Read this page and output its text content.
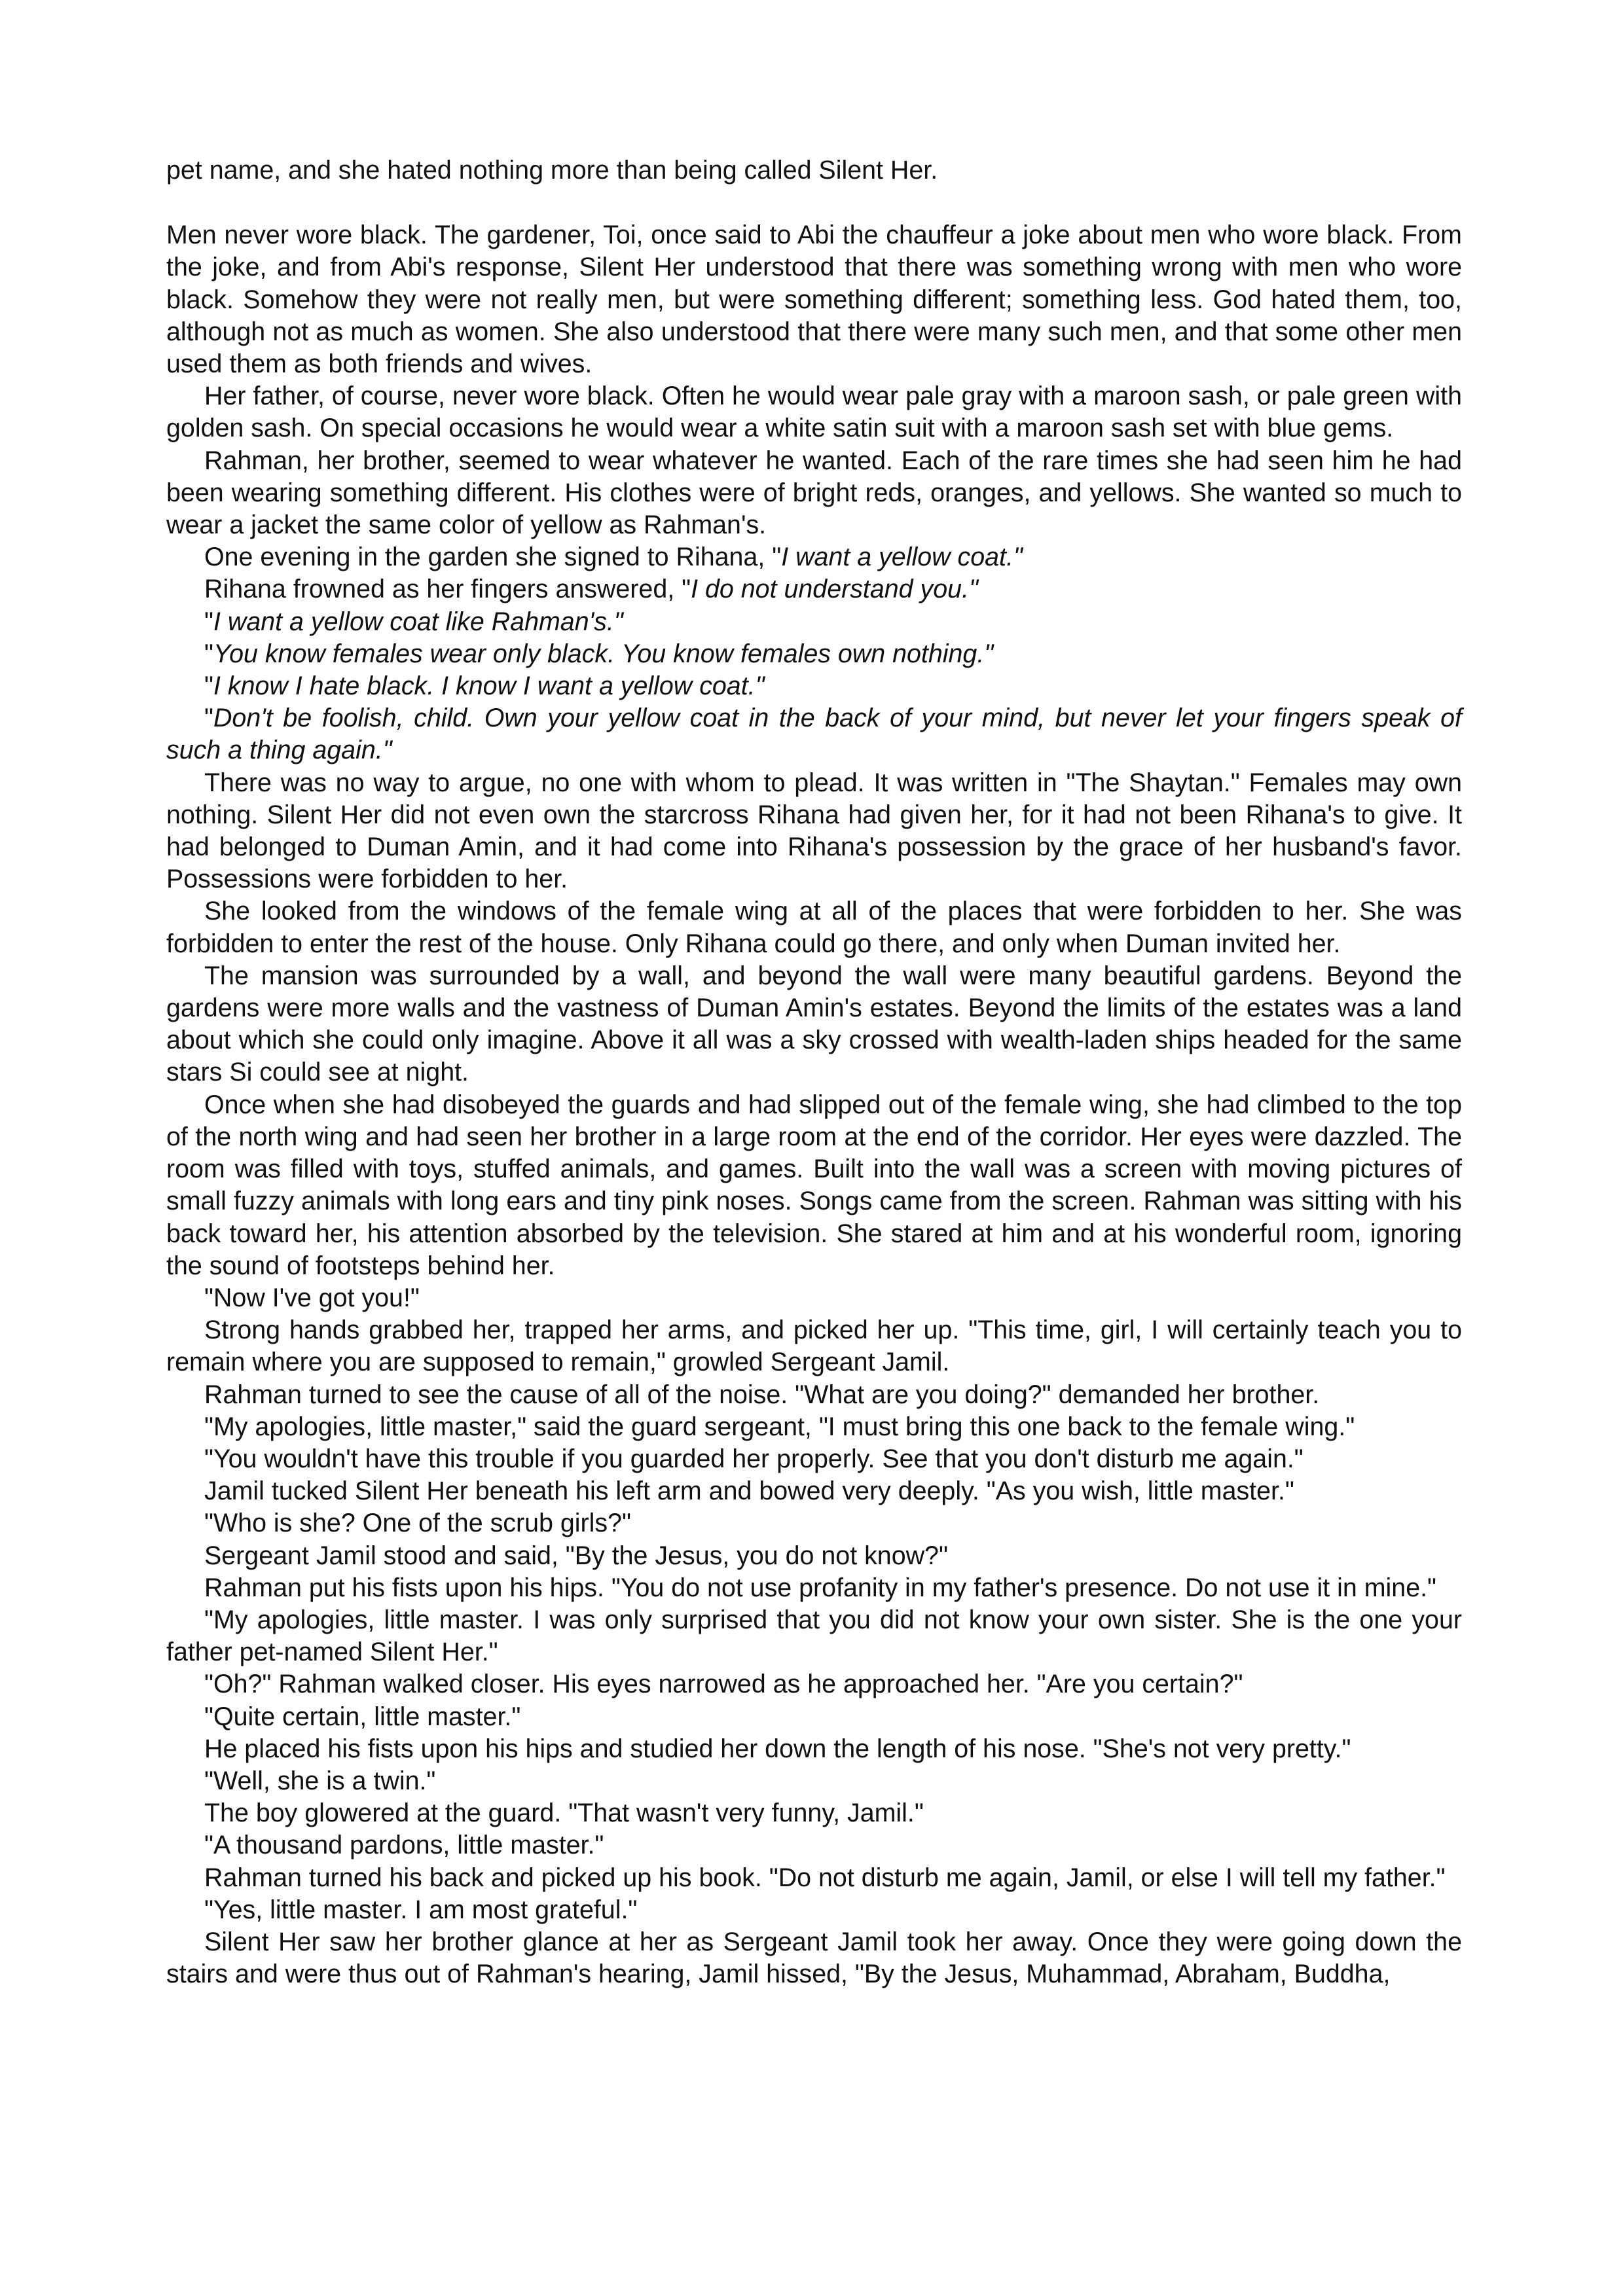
pet name, and she hated nothing more than being called Silent Her.

Men never wore black. The gardener, Toi, once said to Abi the chauffeur a joke about men who wore black. From the joke, and from Abi's response, Silent Her understood that there was something wrong with men who wore black. Somehow they were not really men, but were something different; something less. God hated them, too, although not as much as women. She also understood that there were many such men, and that some other men used them as both friends and wives.

Her father, of course, never wore black. Often he would wear pale gray with a maroon sash, or pale green with golden sash. On special occasions he would wear a white satin suit with a maroon sash set with blue gems.

Rahman, her brother, seemed to wear whatever he wanted. Each of the rare times she had seen him he had been wearing something different. His clothes were of bright reds, oranges, and yellows. She wanted so much to wear a jacket the same color of yellow as Rahman's.

One evening in the garden she signed to Rihana, "I want a yellow coat."

Rihana frowned as her fingers answered, "I do not understand you."

"I want a yellow coat like Rahman's."

"You know females wear only black. You know females own nothing."

"I know I hate black. I know I want a yellow coat."

"Don't be foolish, child. Own your yellow coat in the back of your mind, but never let your fingers speak of such a thing again."

There was no way to argue, no one with whom to plead. It was written in "The Shaytan." Females may own nothing. Silent Her did not even own the starcross Rihana had given her, for it had not been Rihana's to give. It had belonged to Duman Amin, and it had come into Rihana's possession by the grace of her husband's favor. Possessions were forbidden to her.

She looked from the windows of the female wing at all of the places that were forbidden to her. She was forbidden to enter the rest of the house. Only Rihana could go there, and only when Duman invited her.

The mansion was surrounded by a wall, and beyond the wall were many beautiful gardens. Beyond the gardens were more walls and the vastness of Duman Amin's estates. Beyond the limits of the estates was a land about which she could only imagine. Above it all was a sky crossed with wealth-laden ships headed for the same stars Si could see at night.

Once when she had disobeyed the guards and had slipped out of the female wing, she had climbed to the top of the north wing and had seen her brother in a large room at the end of the corridor. Her eyes were dazzled. The room was filled with toys, stuffed animals, and games. Built into the wall was a screen with moving pictures of small fuzzy animals with long ears and tiny pink noses. Songs came from the screen. Rahman was sitting with his back toward her, his attention absorbed by the television. She stared at him and at his wonderful room, ignoring the sound of footsteps behind her.

"Now I've got you!"

Strong hands grabbed her, trapped her arms, and picked her up. "This time, girl, I will certainly teach you to remain where you are supposed to remain," growled Sergeant Jamil.

Rahman turned to see the cause of all of the noise. "What are you doing?" demanded her brother.

"My apologies, little master," said the guard sergeant, "I must bring this one back to the female wing."

"You wouldn't have this trouble if you guarded her properly. See that you don't disturb me again."

Jamil tucked Silent Her beneath his left arm and bowed very deeply. "As you wish, little master."

"Who is she? One of the scrub girls?"

Sergeant Jamil stood and said, "By the Jesus, you do not know?"

Rahman put his fists upon his hips. "You do not use profanity in my father's presence. Do not use it in mine."

"My apologies, little master. I was only surprised that you did not know your own sister. She is the one your father pet-named Silent Her."

"Oh?" Rahman walked closer. His eyes narrowed as he approached her. "Are you certain?"

"Quite certain, little master."

He placed his fists upon his hips and studied her down the length of his nose. "She's not very pretty."

"Well, she is a twin."

The boy glowered at the guard. "That wasn't very funny, Jamil."

"A thousand pardons, little master."

Rahman turned his back and picked up his book. "Do not disturb me again, Jamil, or else I will tell my father."

"Yes, little master. I am most grateful."

Silent Her saw her brother glance at her as Sergeant Jamil took her away. Once they were going down the stairs and were thus out of Rahman's hearing, Jamil hissed, "By the Jesus, Muhammad, Abraham, Buddha,
